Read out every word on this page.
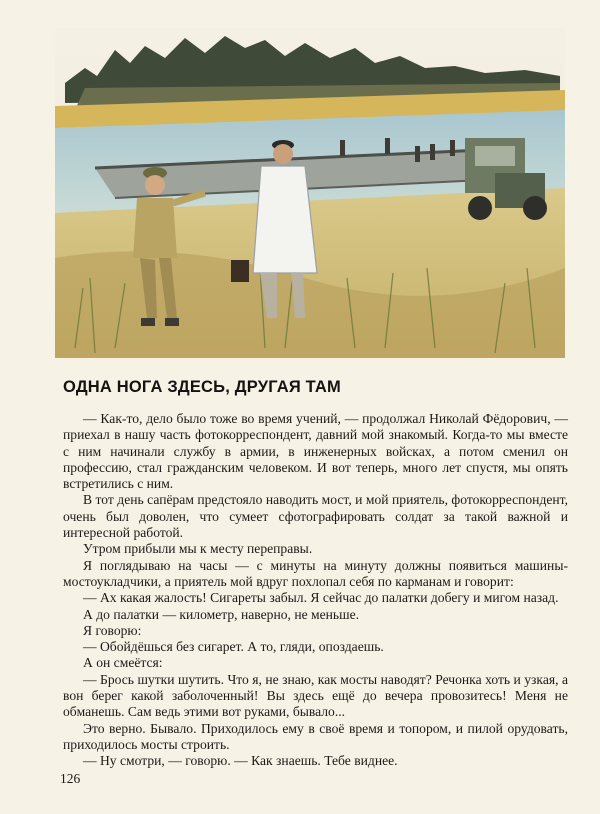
ОДНА НОГА ЗДЕСЬ, ДРУГАЯ ТАМ

— Как-то, дело было тоже во время учений, — продолжал Николай Фёдорович, — приехал в нашу часть фотокорреспондент, давний мой знакомый. Когда-то мы вместе с ним начинали службу в армии, в инженерных войсках, а потом сменил он профессию, стал гражданским человеком. И вот теперь, много лет спустя, мы опять встретились с ним.

В тот день сапёрам предстояло наводить мост, и мой приятель, фотокорреспондент, очень был доволен, что сумеет сфотографировать солдат за такой важной и интересной работой.

Утром прибыли мы к месту переправы.

Я поглядываю на часы — с минуты на минуту должны появиться машины-мостоукладчики, а приятель мой вдруг похлопал себя по карманам и говорит:

— Ах какая жалость! Сигареты забыл. Я сейчас до палатки добегу и мигом назад.

А до палатки — километр, наверно, не меньше.

Я говорю:

— Обойдёшься без сигарет. А то, гляди, опоздаешь.

А он смеётся:

— Брось шутки шутить. Что я, не знаю, как мосты наводят? Речонка хоть и узкая, а вон берег какой заболоченный! Вы здесь ещё до вечера провозитесь! Меня не обманешь. Сам ведь этими вот руками, бывало...

Это верно. Бывало. Приходилось ему в своё время и топором, и пилой орудовать, приходилось мосты строить.

— Ну смотри, — говорю. — Как знаешь. Тебе виднее.

126
